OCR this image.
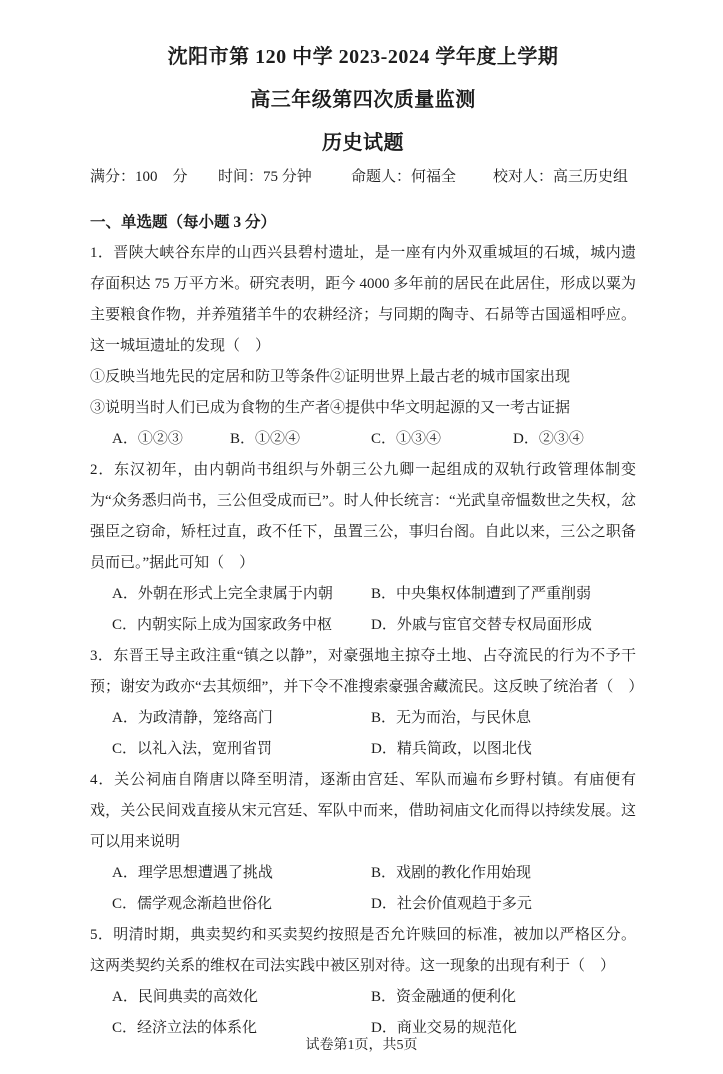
沈阳市第 120 中学 2023-2024 学年度上学期
高三年级第四次质量监测
历史试题
满分：100　分	时间：75 分钟	命题人：何福全	校对人：高三历史组
一、单选题（每小题 3 分）
1．晋陕大峡谷东岸的山西兴县碧村遗址，是一座有内外双重城垣的石城，城内遗存面积达 75 万平方米。研究表明，距今 4000 多年前的居民在此居住，形成以粟为主要粮食作物，并养殖猪羊牛的农耕经济；与同期的陶寺、石昴等古国遥相呼应。这一城垣遗址的发现（　）
①反映当地先民的定居和防卫等条件②证明世界上最古老的城市国家出现
③说明当时人们已成为食物的生产者④提供中华文明起源的又一考古证据
A．①②③	B．①②④	C．①③④	D．②③④
2．东汉初年，由内朝尚书组织与外朝三公九卿一起组成的双轨行政管理体制变为“众务悉归尚书，三公但受成而已”。时人仲长统言：“光武皇帝愠数世之失权，忿强臣之窃命，矫枉过直，政不任下，虽置三公，事归台阁。自此以来，三公之职备员而已。”据此可知（　）
A．外朝在形式上完全隶属于内朝	B．中央集权体制遭到了严重削弱
C．内朝实际上成为国家政务中枢	D．外戚与宦官交替专权局面形成
3．东晋王导主政注重“镇之以静”，对豪强地主掠夺土地、占夺流民的行为不予干预；谢安为政亦“去其烦细”，并下令不准搜索豪强舍藏流民。这反映了统治者（　）
A．为政清静，笼络高门	B．无为而治，与民休息
C．以礼入法，宽刑省罚	D．精兵简政，以图北伐
4．关公祠庙自隋唐以降至明清，逐渐由宫廷、军队而遍布乡野村镇。有庙便有戏，关公民间戏直接从宋元宫廷、军队中而来，借助祠庙文化而得以持续发展。这可以用来说明
A．理学思想遭遇了挑战	B．戏剧的教化作用始现
C．儒学观念渐趋世俗化	D．社会价值观趋于多元
5．明清时期，典卖契约和买卖契约按照是否允许赎回的标准，被加以严格区分。这两类契约关系的维权在司法实践中被区别对待。这一现象的出现有利于（　）
A．民间典卖的高效化	B．资金融通的便利化
C．经济立法的体系化	D．商业交易的规范化
试卷第1页，共5页
